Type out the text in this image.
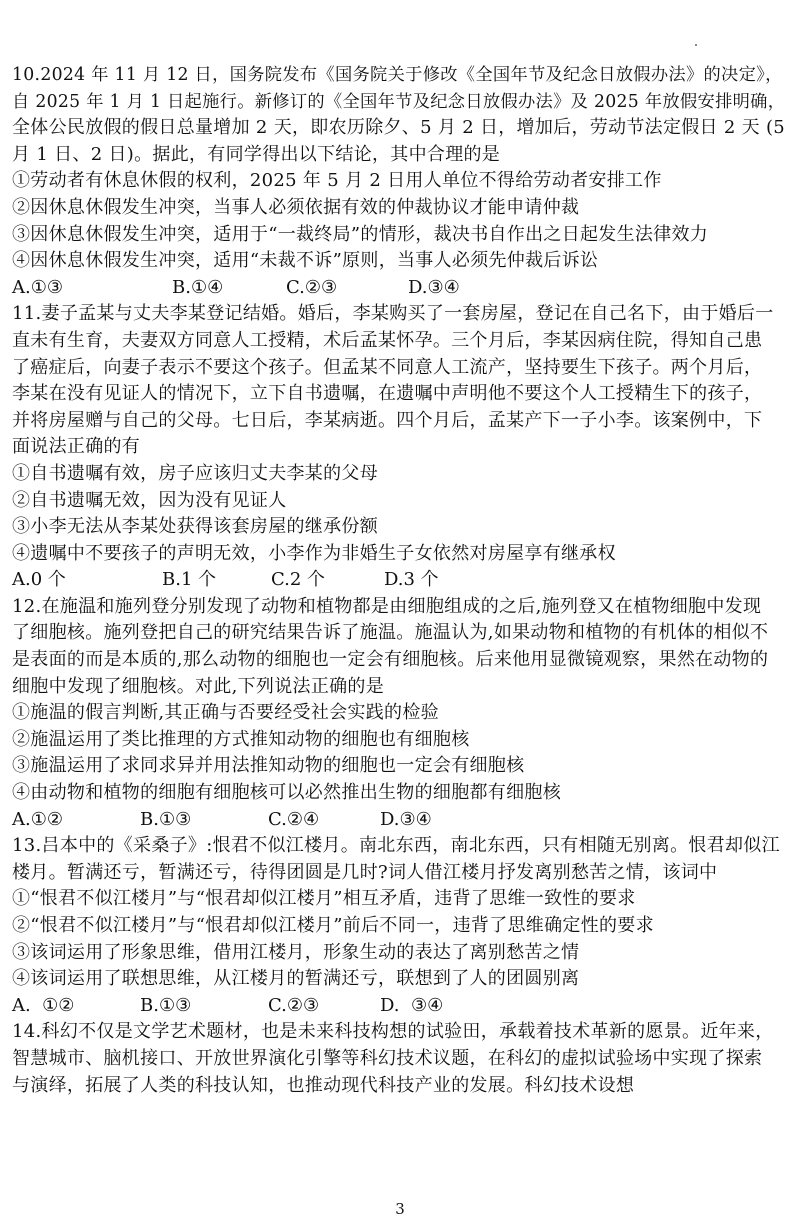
10.2024 年 11 月 12 日，国务院发布《国务院关于修改《全国年节及纪念日放假办法》的决定》，
自 2025 年 1 月 1 日起施行。新修订的《全国年节及纪念日放假办法》及 2025 年放假安排明确，
全体公民放假的假日总量增加 2 天，即农历除夕、5 月 2 日，增加后，劳动节法定假日 2 天 (5
月 1 日、2 日)。据此，有同学得出以下结论，其中合理的是
①劳动者有休息休假的权利，2025 年 5 月 2 日用人单位不得给劳动者安排工作
②因休息休假发生冲突，当事人必须依据有效的仲裁协议才能申请仲裁
③因休息休假发生冲突，适用于“一裁终局”的情形，裁决书自作出之日起发生法律效力
④因休息休假发生冲突，适用“未裁不诉”原则，当事人必须先仲裁后诉讼
A.①③	B.①④	C.②③	D.③④
11.妻子孟某与丈夫李某登记结婚。婚后，李某购买了一套房屋，登记在自己名下，由于婚后一
直未有生育，夫妻双方同意人工授精，术后孟某怀孕。三个月后，李某因病住院，得知自己患
了癌症后，向妻子表示不要这个孩子。但孟某不同意人工流产，坚持要生下孩子。两个月后，
李某在没有见证人的情况下，立下自书遗嘱，在遗嘱中声明他不要这个人工授精生下的孩子，
并将房屋赠与自己的父母。七日后，李某病逝。四个月后，孟某产下一子小李。该案例中，下
面说法正确的有
①自书遗嘱有效，房子应该归丈夫李某的父母
②自书遗嘱无效，因为没有见证人
③小李无法从李某处获得该套房屋的继承份额
④遗嘱中不要孩子的声明无效，小李作为非婚生子女依然对房屋享有继承权
A.0 个	B.1 个	C.2 个	D.3 个
12.在施温和施列登分别发现了动物和植物都是由细胞组成的之后,施列登又在植物细胞中发现
了细胞核。施列登把自己的研究结果告诉了施温。施温认为,如果动物和植物的有机体的相似不
是表面的而是本质的,那么动物的细胞也一定会有细胞核。后来他用显微镜观察，果然在动物的
细胞中发现了细胞核。对此,下列说法正确的是
①施温的假言判断,其正确与否要经受社会实践的检验
②施温运用了类比推理的方式推知动物的细胞也有细胞核
③施温运用了求同求异并用法推知动物的细胞也一定会有细胞核
④由动物和植物的细胞有细胞核可以必然推出生物的细胞都有细胞核
A.①②	B.①③	C.②④	D.③④
13.吕本中的《采桑子》:恨君不似江楼月。南北东西，南北东西，只有相随无别离。恨君却似江
楼月。暂满还亏，暂满还亏，待得团圆是几时?词人借江楼月抒发离别愁苦之情，该词中
①“恨君不似江楼月”与“恨君却似江楼月”相互矛盾，违背了思维一致性的要求
②“恨君不似江楼月”与“恨君却似江楼月”前后不同一，违背了思维确定性的要求
③该词运用了形象思维，借用江楼月，形象生动的表达了离别愁苦之情
④该词运用了联想思维，从江楼月的暂满还亏，联想到了人的团圆别离
A.  ①②	B.①③	C.②③	D.  ③④
14.科幻不仅是文学艺术题材，也是未来科技构想的试验田，承载着技术革新的愿景。近年来，
智慧城市、脑机接口、开放世界演化引擎等科幻技术议题，在科幻的虚拟试验场中实现了探索
与演绎，拓展了人类的科技认知，也推动现代科技产业的发展。科幻技术设想
3
